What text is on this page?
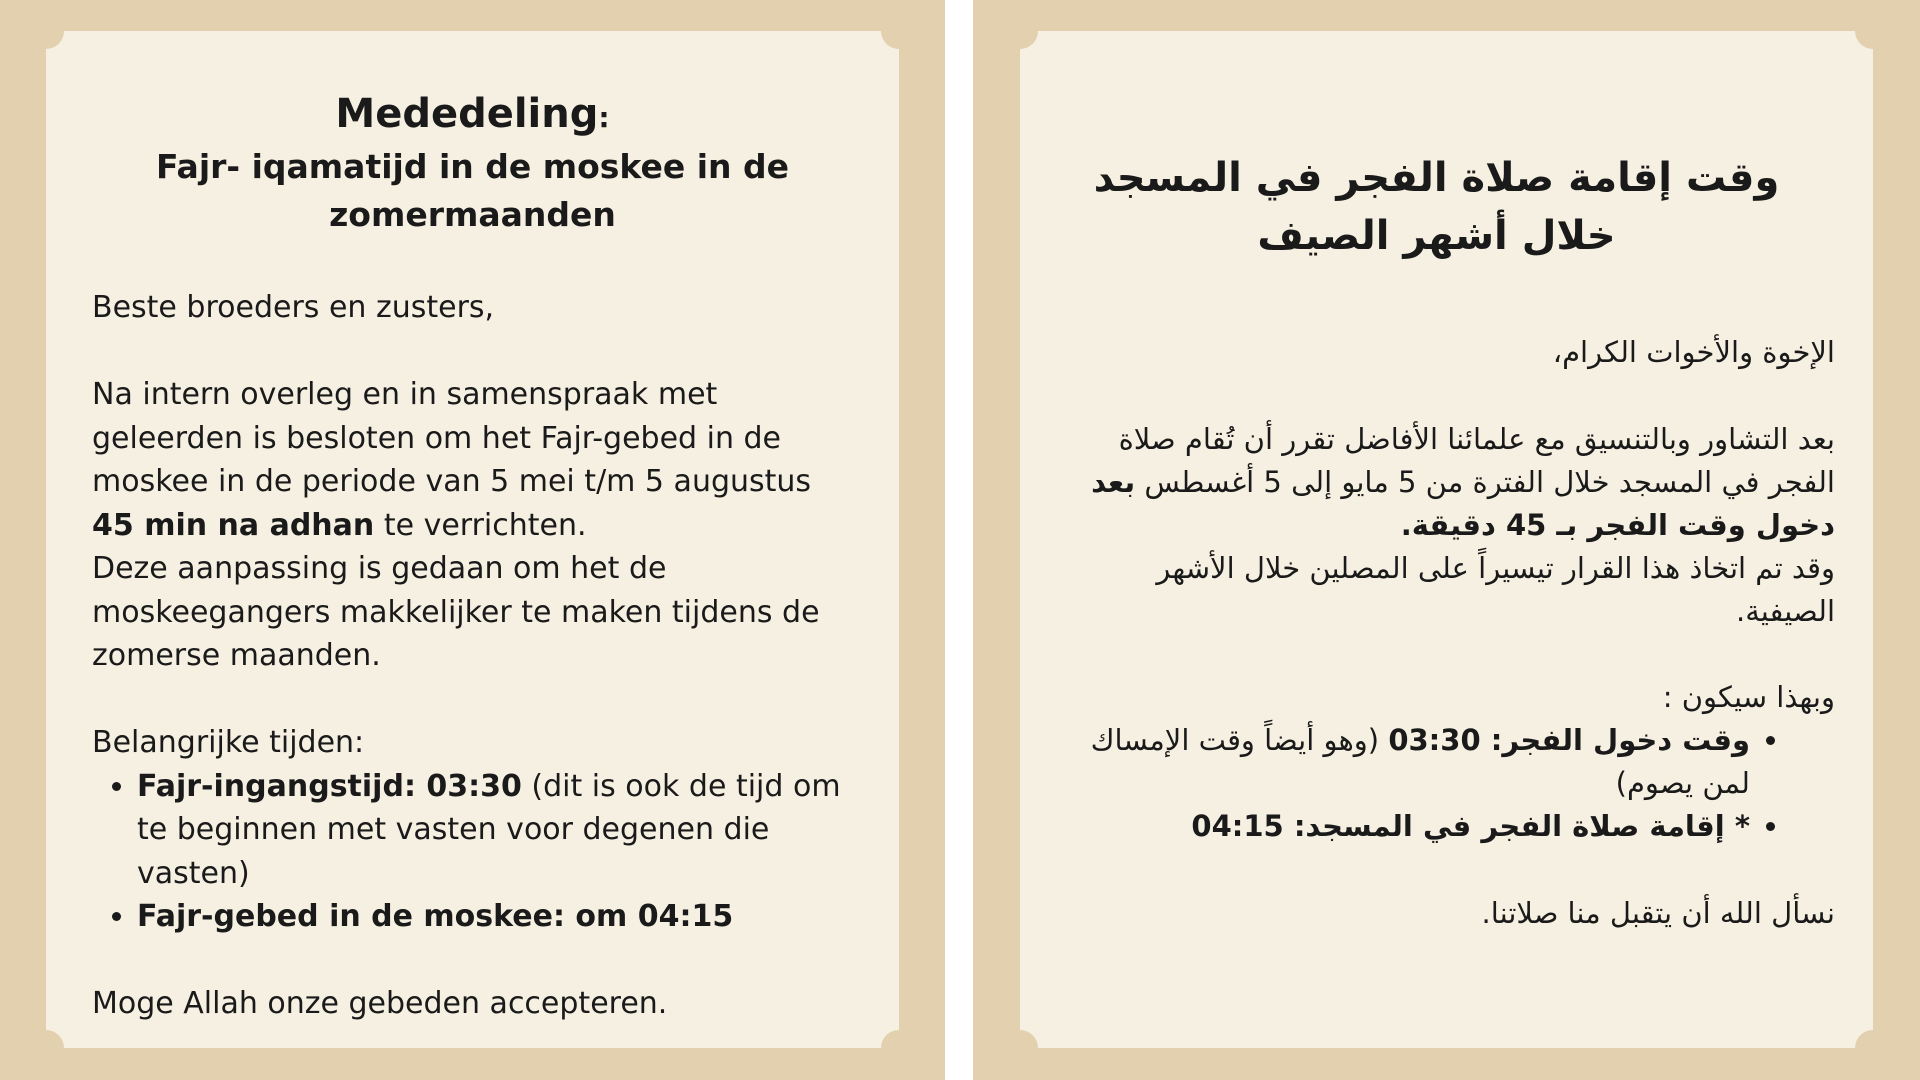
Mededeling:
Fajr- iqamatijd in de moskee in de zomermaanden

Beste broeders en zusters,

Na intern overleg en in samenspraak met geleerden is besloten om het Fajr-gebed in de moskee in de periode van 5 mei t/m 5 augustus 45 min na adhan te verrichten.

Deze aanpassing is gedaan om het de moskeegangers makkelijker te maken tijdens de zomerse maanden.

Belangrijke tijden:

• Fajr-ingangstijd: 03:30 (dit is ook de tijd om te beginnen met vasten voor degenen die vasten)
• Fajr-gebed in de moskee: om 04:15

Moge Allah onze gebeden accepteren.

وقت إقامة صلاة الفجر في المسجد خلال أشهر الصيف

الإخوة والأخوات الكرام،

بعد التشاور وبالتنسيق مع علمائنا الأفاضل تقرر أن تُقام صلاة الفجر في المسجد خلال الفترة من 5 مايو إلى 5 أغسطس بعد دخول وقت الفجر بـ 45 دقيقة.

وقد تم اتخاذ هذا القرار تيسيراً على المصلين خلال الأشهر الصيفية.

وبهذا سيكون :

• وقت دخول الفجر: 03:30 (وهو أيضاً وقت الإمساك لمن يصوم)
• * إقامة صلاة الفجر في المسجد: 04:15

نسأل الله أن يتقبل منا صلاتنا.
